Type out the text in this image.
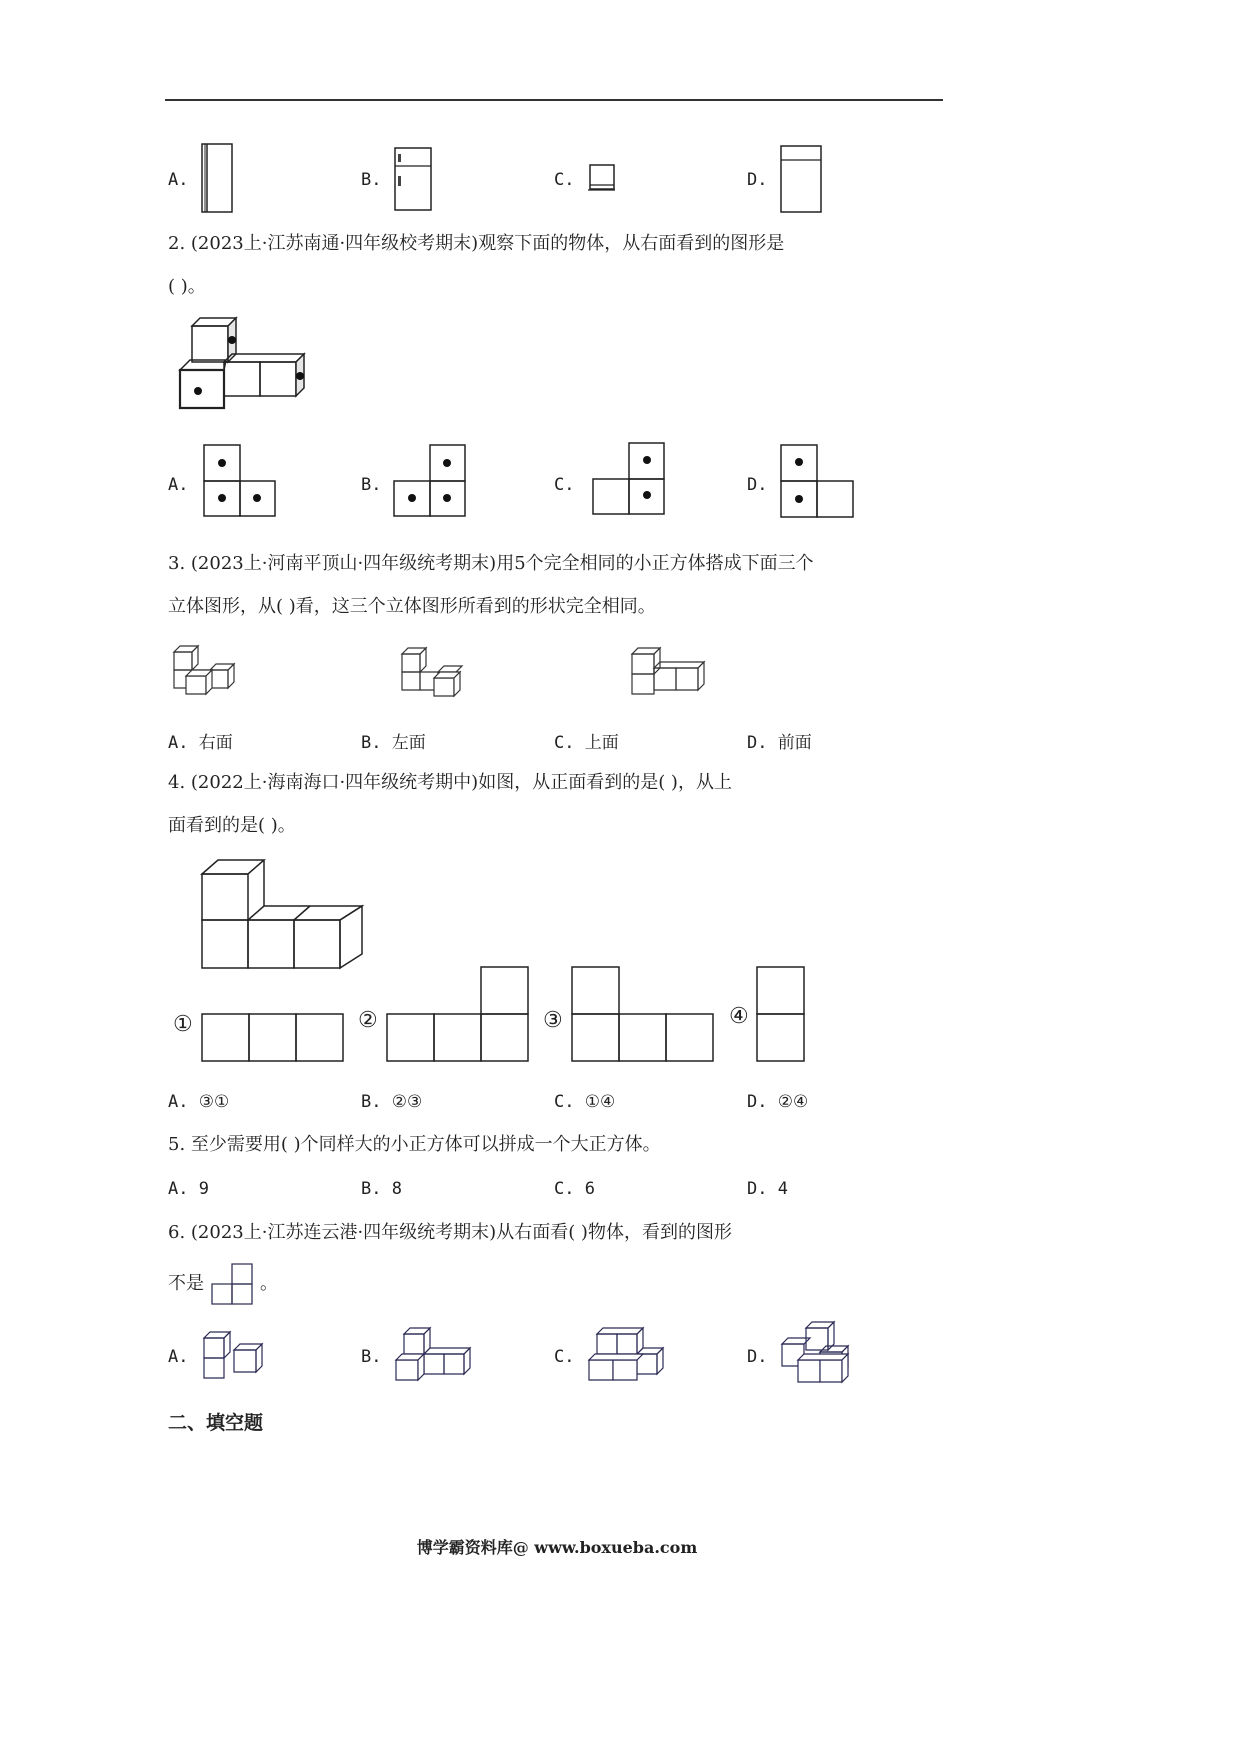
A.	B.	C.	D.
2. (2023上·江苏南通·四年级校考期末)观察下面的物体，从右面看到的图形是
( )。
A.	B.	C.	D.
3. (2023上·河南平顶山·四年级统考期末)用5个完全相同的小正方体搭成下面三个
立体图形，从( )看，这三个立体图形所看到的形状完全相同。
A. 右面	B. 左面	C. 上面	D. 前面
4. (2022上·海南海口·四年级统考期中)如图，从正面看到的是( )，从上
面看到的是( )。
①	②	③	④
A. ③①	B. ②③	C. ①④	D. ②④
5. 至少需要用( )个同样大的小正方体可以拼成一个大正方体。
A. 9	B. 8	C. 6	D. 4
6. (2023上·江苏连云港·四年级统考期末)从右面看( )物体，看到的图形
不是	。
A.	B.	C.	D.
二、填空题
博学霸资料库@ www.boxueba.com
